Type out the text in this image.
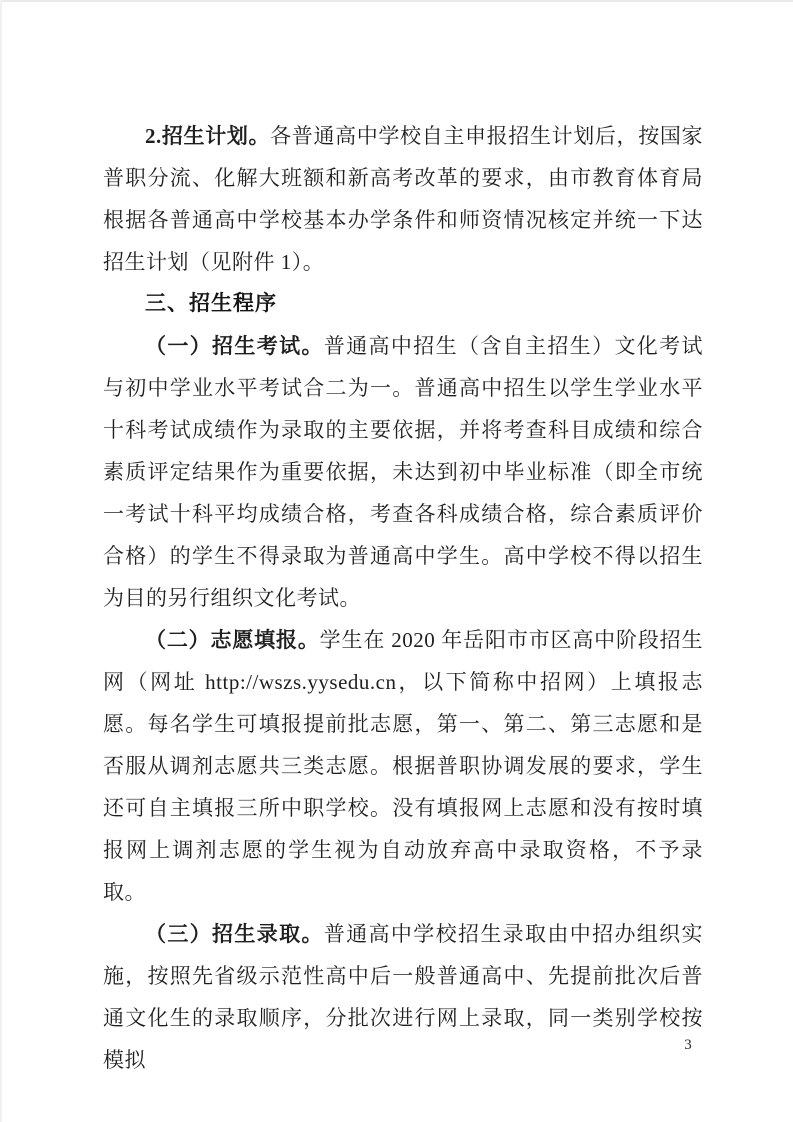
2.招生计划。各普通高中学校自主申报招生计划后，按国家普职分流、化解大班额和新高考改革的要求，由市教育体育局根据各普通高中学校基本办学条件和师资情况核定并统一下达招生计划（见附件 1）。

三、招生程序

（一）招生考试。普通高中招生（含自主招生）文化考试与初中学业水平考试合二为一。普通高中招生以学生学业水平十科考试成绩作为录取的主要依据，并将考查科目成绩和综合素质评定结果作为重要依据，未达到初中毕业标准（即全市统一考试十科平均成绩合格，考查各科成绩合格，综合素质评价合格）的学生不得录取为普通高中学生。高中学校不得以招生为目的另行组织文化考试。

（二）志愿填报。学生在 2020 年岳阳市市区高中阶段招生网（网址 http://wszs.yysedu.cn，以下简称中招网）上填报志愿。每名学生可填报提前批志愿，第一、第二、第三志愿和是否服从调剂志愿共三类志愿。根据普职协调发展的要求，学生还可自主填报三所中职学校。没有填报网上志愿和没有按时填报网上调剂志愿的学生视为自动放弃高中录取资格，不予录取。

（三）招生录取。普通高中学校招生录取由中招办组织实施，按照先省级示范性高中后一般普通高中、先提前批次后普通文化生的录取顺序，分批次进行网上录取，同一类别学校按模拟

3
